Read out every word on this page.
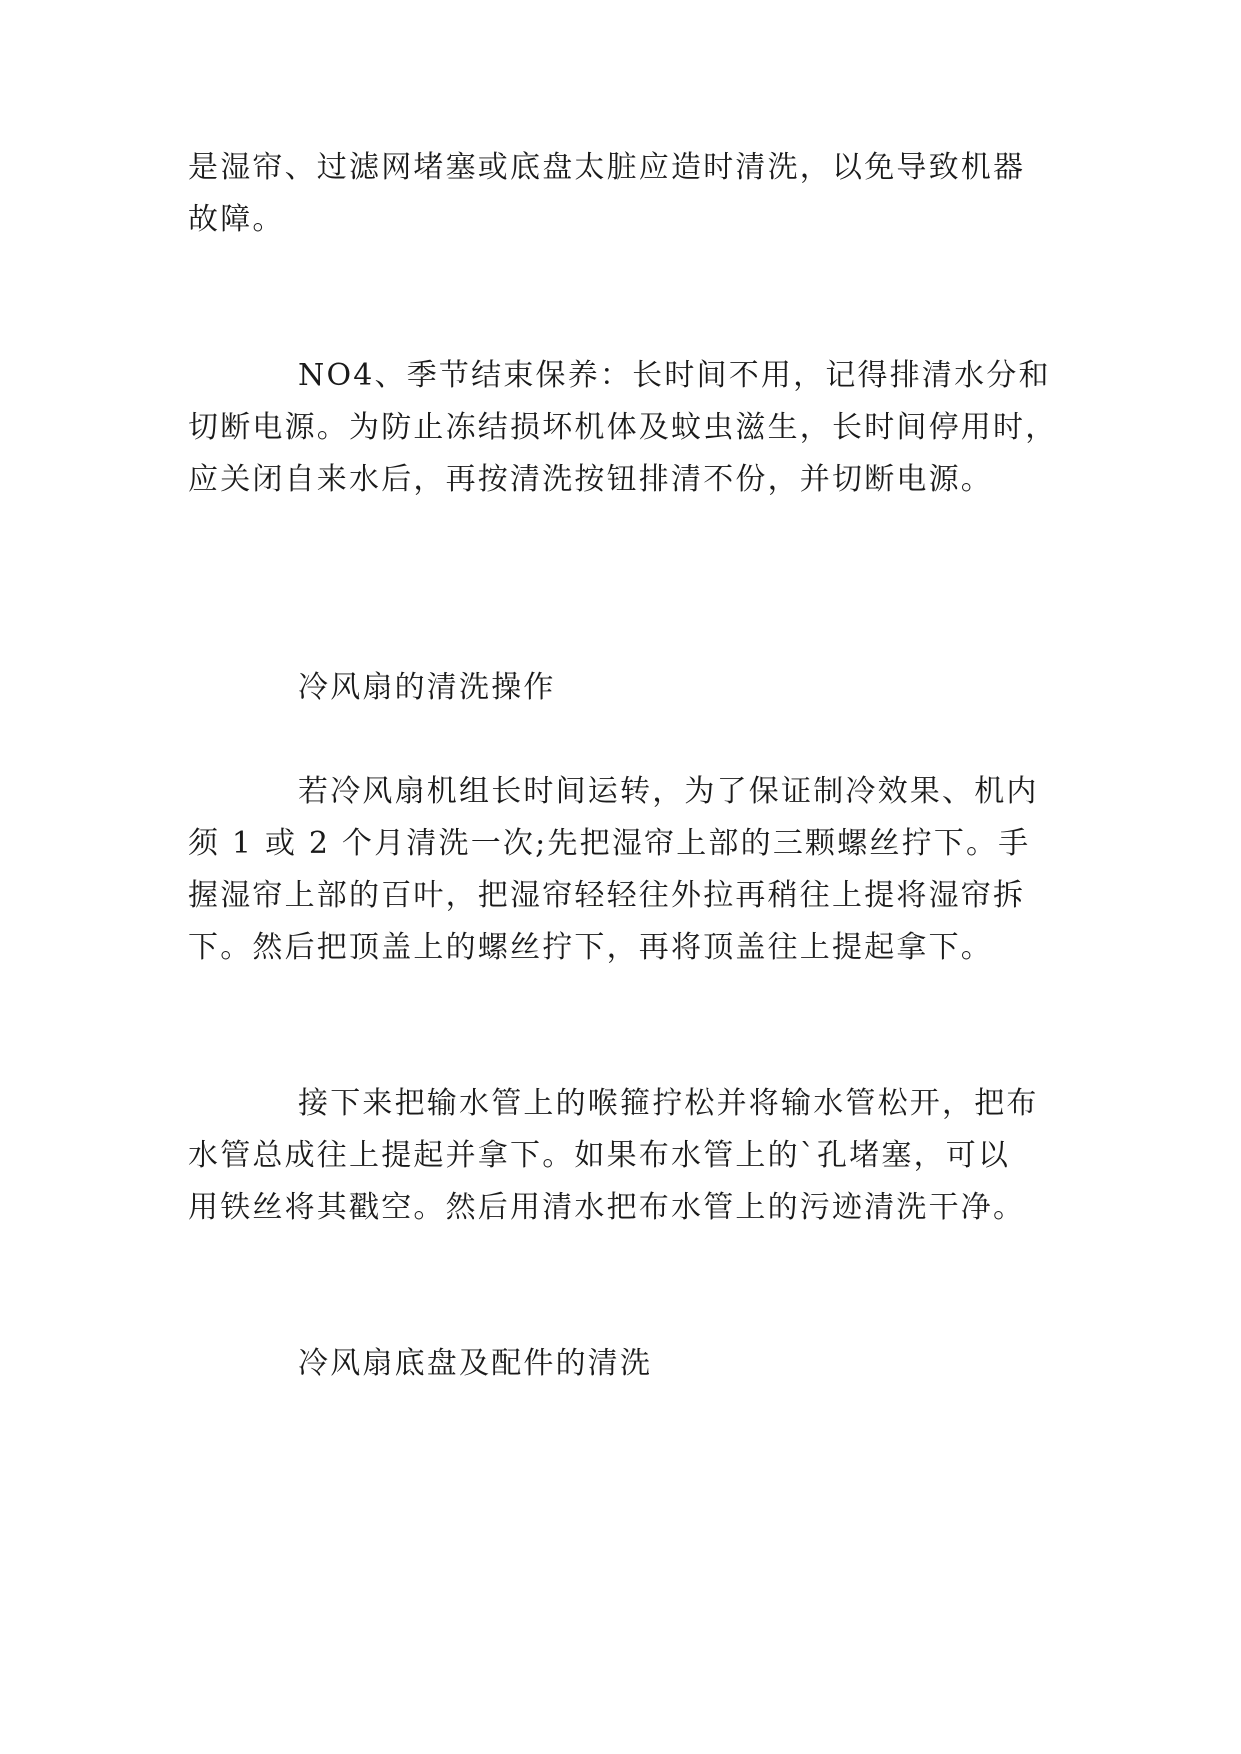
是湿帘、过滤网堵塞或底盘太脏应造时清洗，以免导致机器
故障。
NO4、季节结束保养：长时间不用，记得排清水分和
切断电源。为防止冻结损坏机体及蚊虫滋生，长时间停用时，
应关闭自来水后，再按清洗按钮排清不份，并切断电源。
冷风扇的清洗操作
若冷风扇机组长时间运转，为了保证制冷效果、机内
须 1 或 2 个月清洗一次;先把湿帘上部的三颗螺丝拧下。手
握湿帘上部的百叶，把湿帘轻轻往外拉再稍往上提将湿帘拆
下。然后把顶盖上的螺丝拧下，再将顶盖往上提起拿下。
接下来把输水管上的喉箍拧松并将输水管松开，把布
水管总成往上提起并拿下。如果布水管上的`孔堵塞，可以
用铁丝将其戳空。然后用清水把布水管上的污迹清洗干净。
冷风扇底盘及配件的清洗
